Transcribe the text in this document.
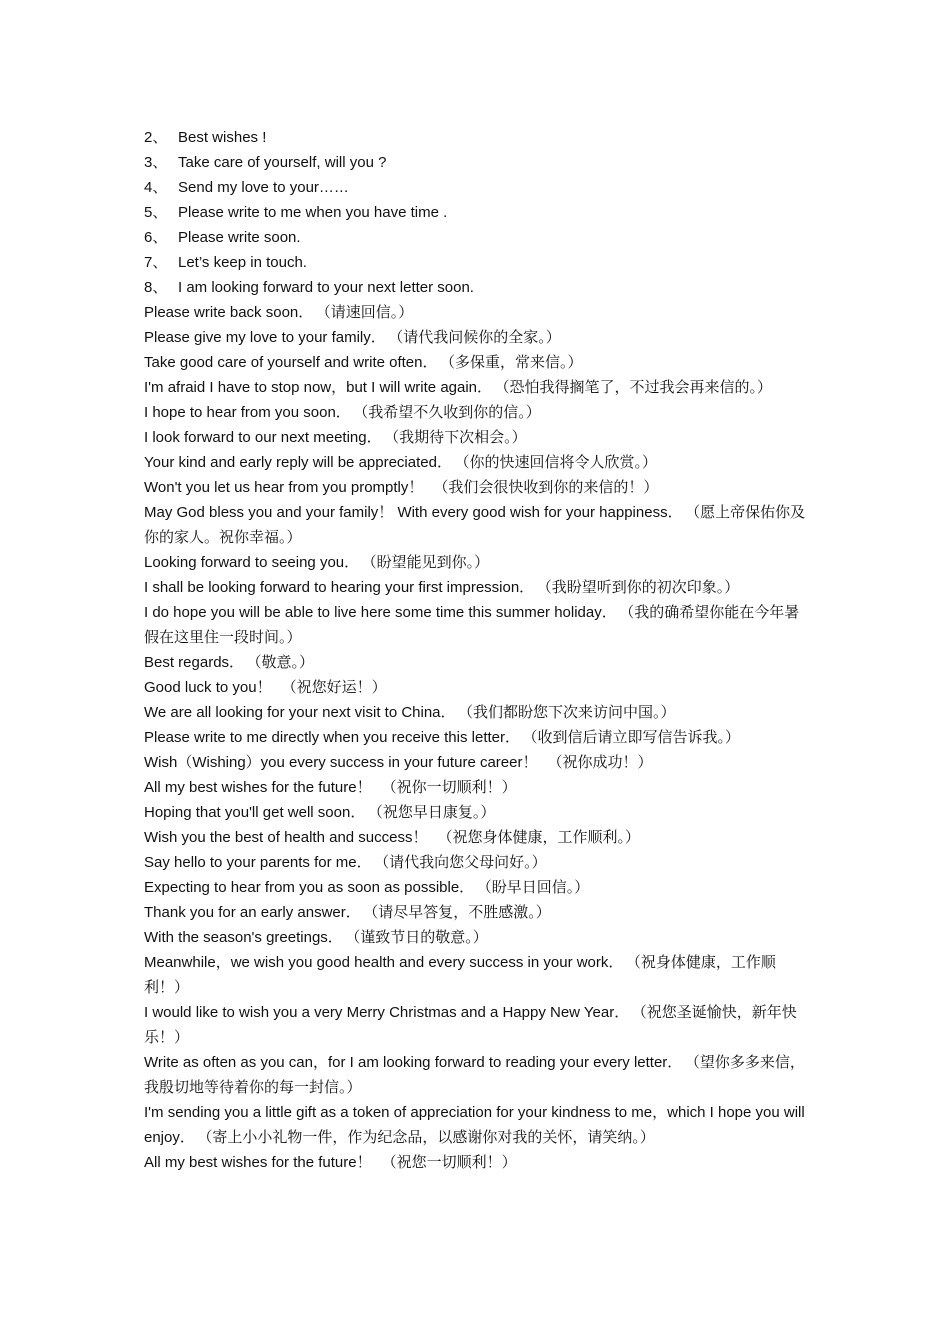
2、 Best wishes !
3、 Take care of yourself, will you ?
4、 Send my love to your……
5、 Please write to me when you have time .
6、 Please write soon.
7、 Let’s keep in touch.
8、 I am looking forward to your next letter soon.
Please write back soon． （请速回信。）
Please give my love to your family． （请代我问候你的全家。）
Take good care of yourself and write often． （多保重，常来信。）
I'm afraid I have to stop now，but I will write again． （恐怕我得搁笔了，不过我会再来信的。）
I hope to hear from you soon． （我希望不久收到你的信。）
I look forward to our next meeting． （我期待下次相会。）
Your kind and early reply will be appreciated． （你的快速回信将令人欣赏。）
Won't you let us hear from you promptly！ （我们会很快收到你的来信的！）
May God bless you and your family！ With every good wish for your happiness． （愿上帝保佑你及你的家人。祝你幸福。）
Looking forward to seeing you． （盼望能见到你。）
I shall be looking forward to hearing your first impression． （我盼望听到你的初次印象。）
I do hope you will be able to live here some time this summer holiday． （我的确希望你能在今年暑假在这里住一段时间。）
Best regards． （敬意。）
Good luck to you！ （祝您好运！）
We are all looking for your next visit to China． （我们都盼您下次来访问中国。）
Please write to me directly when you receive this letter． （收到信后请立即写信告诉我。）
Wish（Wishing）you every success in your future career！ （祝你成功！）
All my best wishes for the future！ （祝你一切顺利！）
Hoping that you'll get well soon． （祝您早日康复。）
Wish you the best of health and success！ （祝您身体健康，工作顺利。）
Say hello to your parents for me． （请代我向您父母问好。）
Expecting to hear from you as soon as possible． （盼早日回信。）
Thank you for an early answer． （请尽早答复，不胜感激。）
With the season's greetings． （谨致节日的敬意。）
Meanwhile，we wish you good health and every success in your work． （祝身体健康，工作顺利！）
I would like to wish you a very Merry Christmas and a Happy New Year． （祝您圣诞愉快，新年快乐！）
Write as often as you can，for I am looking forward to reading your every letter． （望你多多来信，我殷切地等待着你的每一封信。）
I'm sending you a little gift as a token of appreciation for your kindness to me，which I hope you will enjoy． （寄上小小礼物一件，作为纪念品，以感谢你对我的关怀，请笑纳。）
All my best wishes for the future！ （祝您一切顺利！）
